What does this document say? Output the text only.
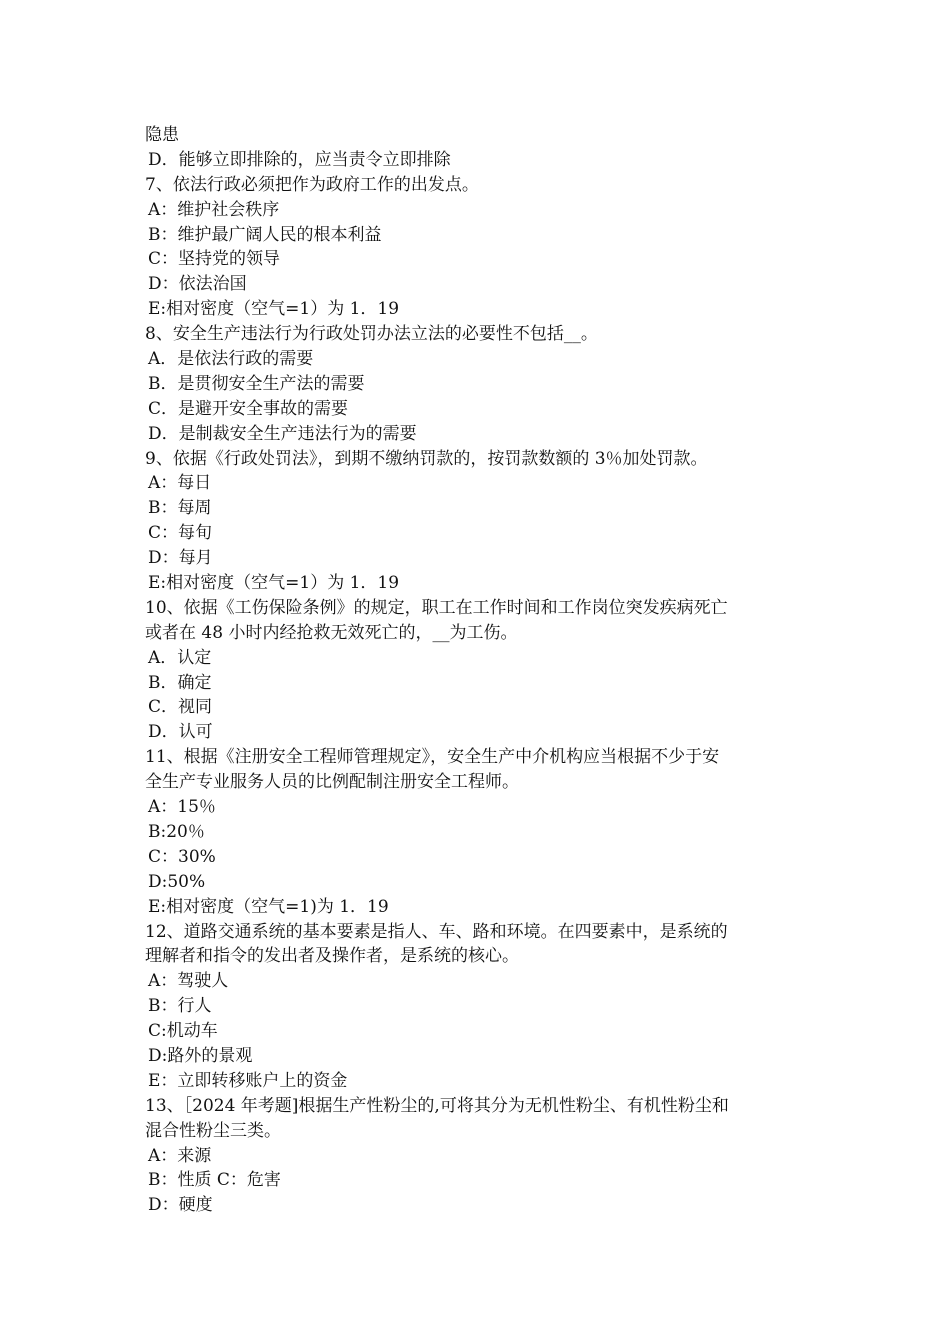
隐患
D．能够立即排除的，应当责令立即排除
7、依法行政必须把作为政府工作的出发点。
A：维护社会秩序
B：维护最广阔人民的根本利益
C：坚持党的领导
D：依法治国
E:相对密度（空气=1）为 1．19
8、安全生产违法行为行政处罚办法立法的必要性不包括__。
A．是依法行政的需要
B．是贯彻安全生产法的需要
C．是避开安全事故的需要
D．是制裁安全生产违法行为的需要
9、依据《行政处罚法》，到期不缴纳罚款的，按罚款数额的 3％加处罚款。
A：每日
B：每周
C：每旬
D：每月
E:相对密度（空气=1）为 1．19
10、依据《工伤保险条例》的规定，职工在工作时间和工作岗位突发疾病死亡
或者在 48 小时内经抢救无效死亡的，__为工伤。
A．认定
B．确定
C．视同
D．认可
11、根据《注册安全工程师管理规定》，安全生产中介机构应当根据不少于安
全生产专业服务人员的比例配制注册安全工程师。
A：15％
B:20％
C：30%
D:50%
E:相对密度（空气=1)为 1．19
12、道路交通系统的基本要素是指人、车、路和环境。在四要素中，是系统的
理解者和指令的发出者及操作者，是系统的核心。
A：驾驶人
B：行人
C:机动车
D:路外的景观
E：立即转移账户上的资金
13、［2024 年考题]根据生产性粉尘的,可将其分为无机性粉尘、有机性粉尘和
混合性粉尘三类。
A：来源
B：性质 C：危害
D：硬度
